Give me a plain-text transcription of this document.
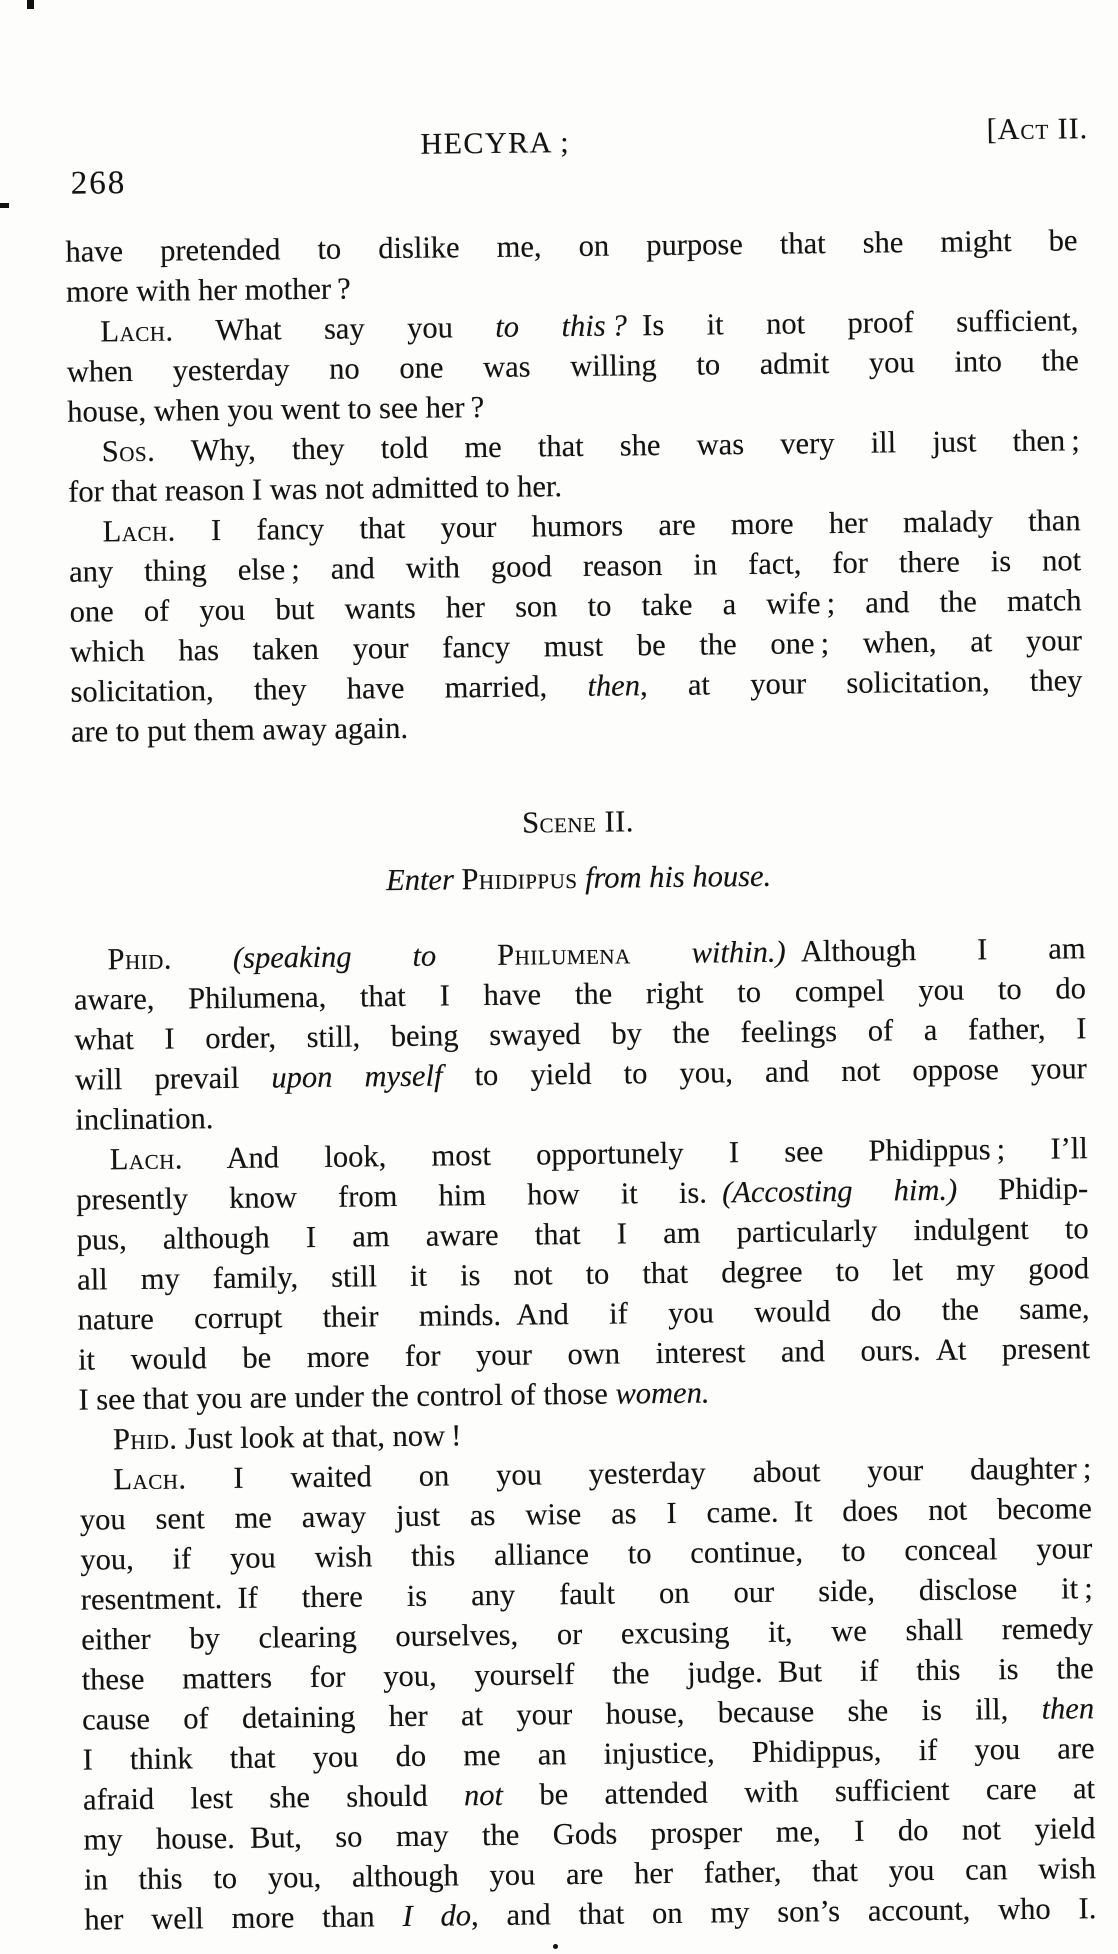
268
HECYRA ;	[Act II.
have pretended to dislike me, on purpose that she might be
more with her mother ?
Lach. What say you to this ? Is it not proof sufficient,
when yesterday no one was willing to admit you into the
house, when you went to see her ?
Sos. Why, they told me that she was very ill just then ;
for that reason I was not admitted to her.
Lach. I fancy that your humors are more her malady than
any thing else ; and with good reason in fact, for there is not
one of you but wants her son to take a wife ; and the match
which has taken your fancy must be the one ; when, at your
solicitation, they have married, then, at your solicitation, they
are to put them away again.
Scene II.
Enter Phidippus from his house.
Phid. (speaking to Philumena within.) Although I am
aware, Philumena, that I have the right to compel you to do
what I order, still, being swayed by the feelings of a father, I
will prevail upon myself to yield to you, and not oppose your
inclination.
Lach. And look, most opportunely I see Phidippus ; I’ll
presently know from him how it is. (Accosting him.) Phidip-
pus, although I am aware that I am particularly indulgent to
all my family, still it is not to that degree to let my good
nature corrupt their minds. And if you would do the same,
it would be more for your own interest and ours. At present
I see that you are under the control of those women.
Phid. Just look at that, now !
Lach. I waited on you yesterday about your daughter ;
you sent me away just as wise as I came. It does not become
you, if you wish this alliance to continue, to conceal your
resentment. If there is any fault on our side, disclose it ;
either by clearing ourselves, or excusing it, we shall remedy
these matters for you, yourself the judge. But if this is the
cause of detaining her at your house, because she is ill, then
I think that you do me an injustice, Phidippus, if you are
afraid lest she should not be attended with sufficient care at
my house. But, so may the Gods prosper me, I do not yield
in this to you, although you are her father, that you can wish
her well more than I do, and that on my son’s account, who I.
